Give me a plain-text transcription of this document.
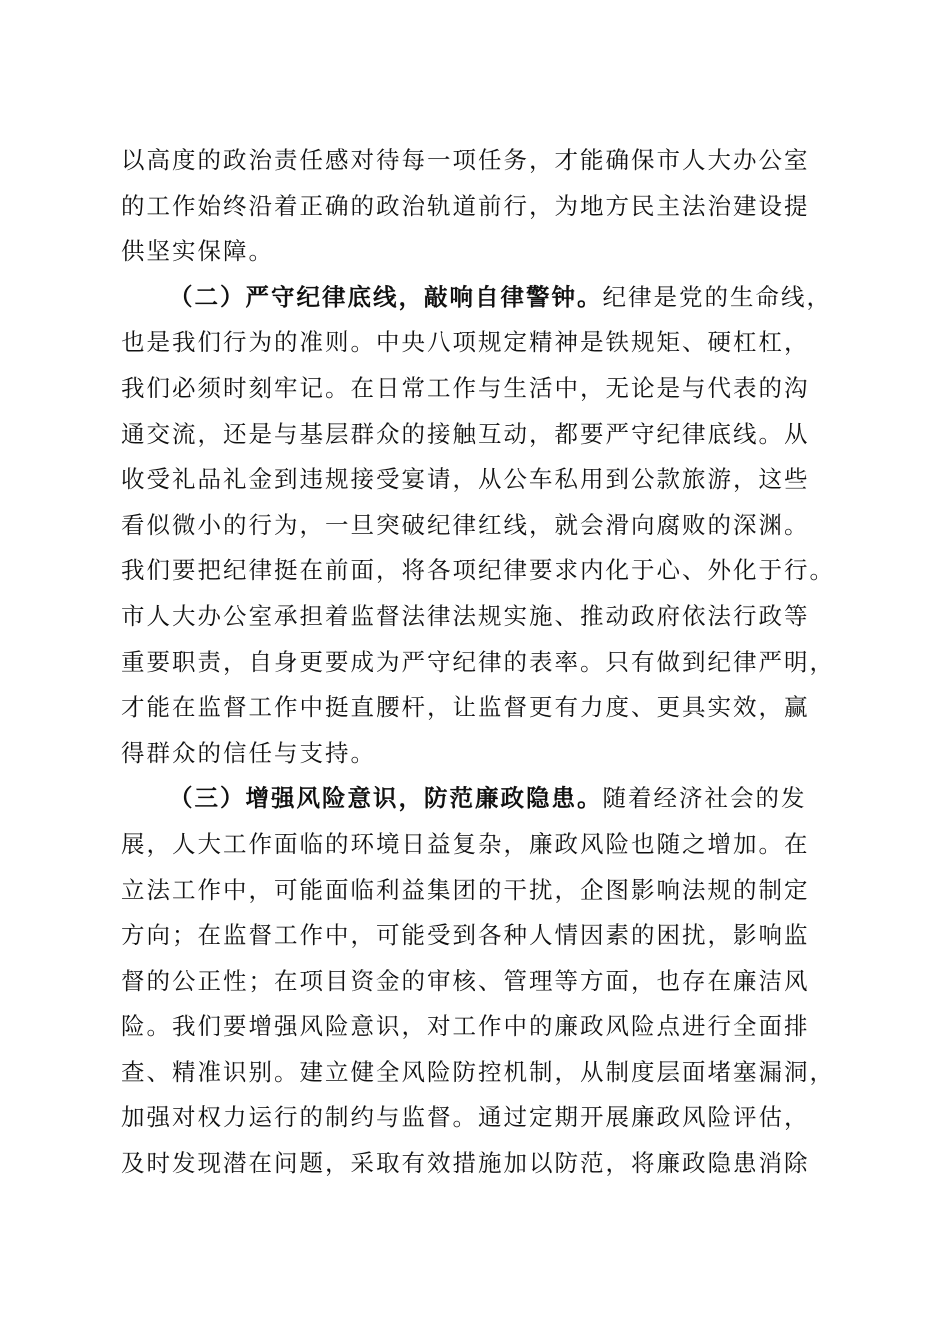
以高度的政治责任感对待每一项任务，才能确保市人大办公室
的工作始终沿着正确的政治轨道前行，为地方民主法治建设提
供坚实保障。
（二）严守纪律底线，敲响自律警钟。纪律是党的生命线，
也是我们行为的准则。中央八项规定精神是铁规矩、硬杠杠，
我们必须时刻牢记。在日常工作与生活中，无论是与代表的沟
通交流，还是与基层群众的接触互动，都要严守纪律底线。从
收受礼品礼金到违规接受宴请，从公车私用到公款旅游，这些
看似微小的行为，一旦突破纪律红线，就会滑向腐败的深渊。
我们要把纪律挺在前面，将各项纪律要求内化于心、外化于行。
市人大办公室承担着监督法律法规实施、推动政府依法行政等
重要职责，自身更要成为严守纪律的表率。只有做到纪律严明，
才能在监督工作中挺直腰杆，让监督更有力度、更具实效，赢
得群众的信任与支持。
（三）增强风险意识，防范廉政隐患。随着经济社会的发
展，人大工作面临的环境日益复杂，廉政风险也随之增加。在
立法工作中，可能面临利益集团的干扰，企图影响法规的制定
方向；在监督工作中，可能受到各种人情因素的困扰，影响监
督的公正性；在项目资金的审核、管理等方面，也存在廉洁风
险。我们要增强风险意识，对工作中的廉政风险点进行全面排
查、精准识别。建立健全风险防控机制，从制度层面堵塞漏洞，
加强对权力运行的制约与监督。通过定期开展廉政风险评估，
及时发现潜在问题，采取有效措施加以防范，将廉政隐患消除
